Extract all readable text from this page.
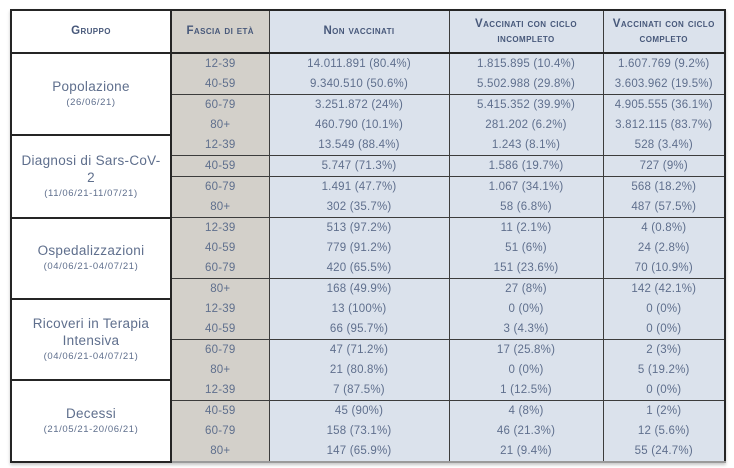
Gruppo	Fascia di età	Non vaccinati	Vaccinati con ciclo incompleto	Vaccinati con ciclo completo

Popolazione
(26/06/21)	12-39	14.011.891 (80.4%)	1.815.895 (10.4%)	1.607.769 (9.2%)
	40-59	9.340.510 (50.6%)	5.502.988 (29.8%)	3.603.962 (19.5%)
	60-79	3.251.872 (24%)	5.415.352 (39.9%)	4.905.555 (36.1%)
	80+	460.790 (10.1%)	281.202 (6.2%)	3.812.115 (83.7%)

Diagnosi di Sars-CoV-2
(11/06/21-11/07/21)	12-39	13.549 (88.4%)	1.243 (8.1%)	528 (3.4%)
	40-59	5.747 (71.3%)	1.586 (19.7%)	727 (9%)
	60-79	1.491 (47.7%)	1.067 (34.1%)	568 (18.2%)
	80+	302 (35.7%)	58 (6.8%)	487 (57.5%)

Ospedalizzazioni
(04/06/21-04/07/21)	12-39	513 (97.2%)	11 (2.1%)	4 (0.8%)
	40-59	779 (91.2%)	51 (6%)	24 (2.8%)
	60-79	420 (65.5%)	151 (23.6%)	70 (10.9%)
	80+	168 (49.9%)	27 (8%)	142 (42.1%)

Ricoveri in Terapia Intensiva
(04/06/21-04/07/21)	12-39	13 (100%)	0 (0%)	0 (0%)
	40-59	66 (95.7%)	3 (4.3%)	0 (0%)
	60-79	47 (71.2%)	17 (25.8%)	2 (3%)
	80+	21 (80.8%)	0 (0%)	5 (19.2%)

Decessi
(21/05/21-20/06/21)	12-39	7 (87.5%)	1 (12.5%)	0 (0%)
	40-59	45 (90%)	4 (8%)	1 (2%)
	60-79	158 (73.1%)	46 (21.3%)	12 (5.6%)
	80+	147 (65.9%)	21 (9.4%)	55 (24.7%)
